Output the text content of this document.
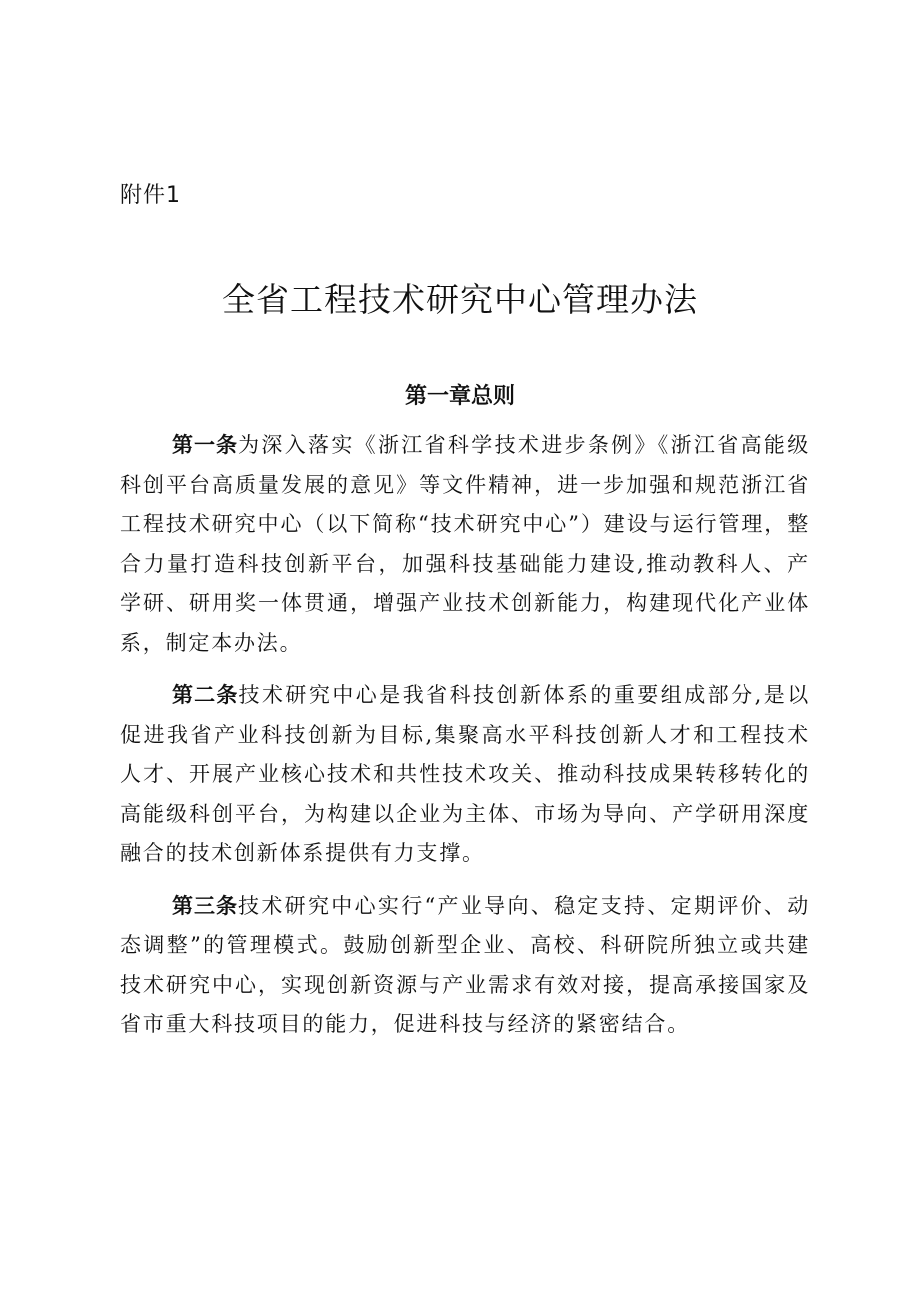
附件1
全省工程技术研究中心管理办法
第一章总则

第一条为深入落实《浙江省科学技术进步条例》《浙江省高能级科创平台高质量发展的意见》等文件精神，进一步加强和规范浙江省工程技术研究中心（以下简称“技术研究中心”）建设与运行管理，整合力量打造科技创新平台，加强科技基础能力建设,推动教科人、产学研、研用奖一体贯通，增强产业技术创新能力，构建现代化产业体系，制定本办法。

第二条技术研究中心是我省科技创新体系的重要组成部分,是以促进我省产业科技创新为目标,集聚高水平科技创新人才和工程技术人才、开展产业核心技术和共性技术攻关、推动科技成果转移转化的高能级科创平台，为构建以企业为主体、市场为导向、产学研用深度融合的技术创新体系提供有力支撑。

第三条技术研究中心实行“产业导向、稳定支持、定期评价、动态调整”的管理模式。鼓励创新型企业、高校、科研院所独立或共建技术研究中心，实现创新资源与产业需求有效对接，提高承接国家及省市重大科技项目的能力，促进科技与经济的紧密结合。
